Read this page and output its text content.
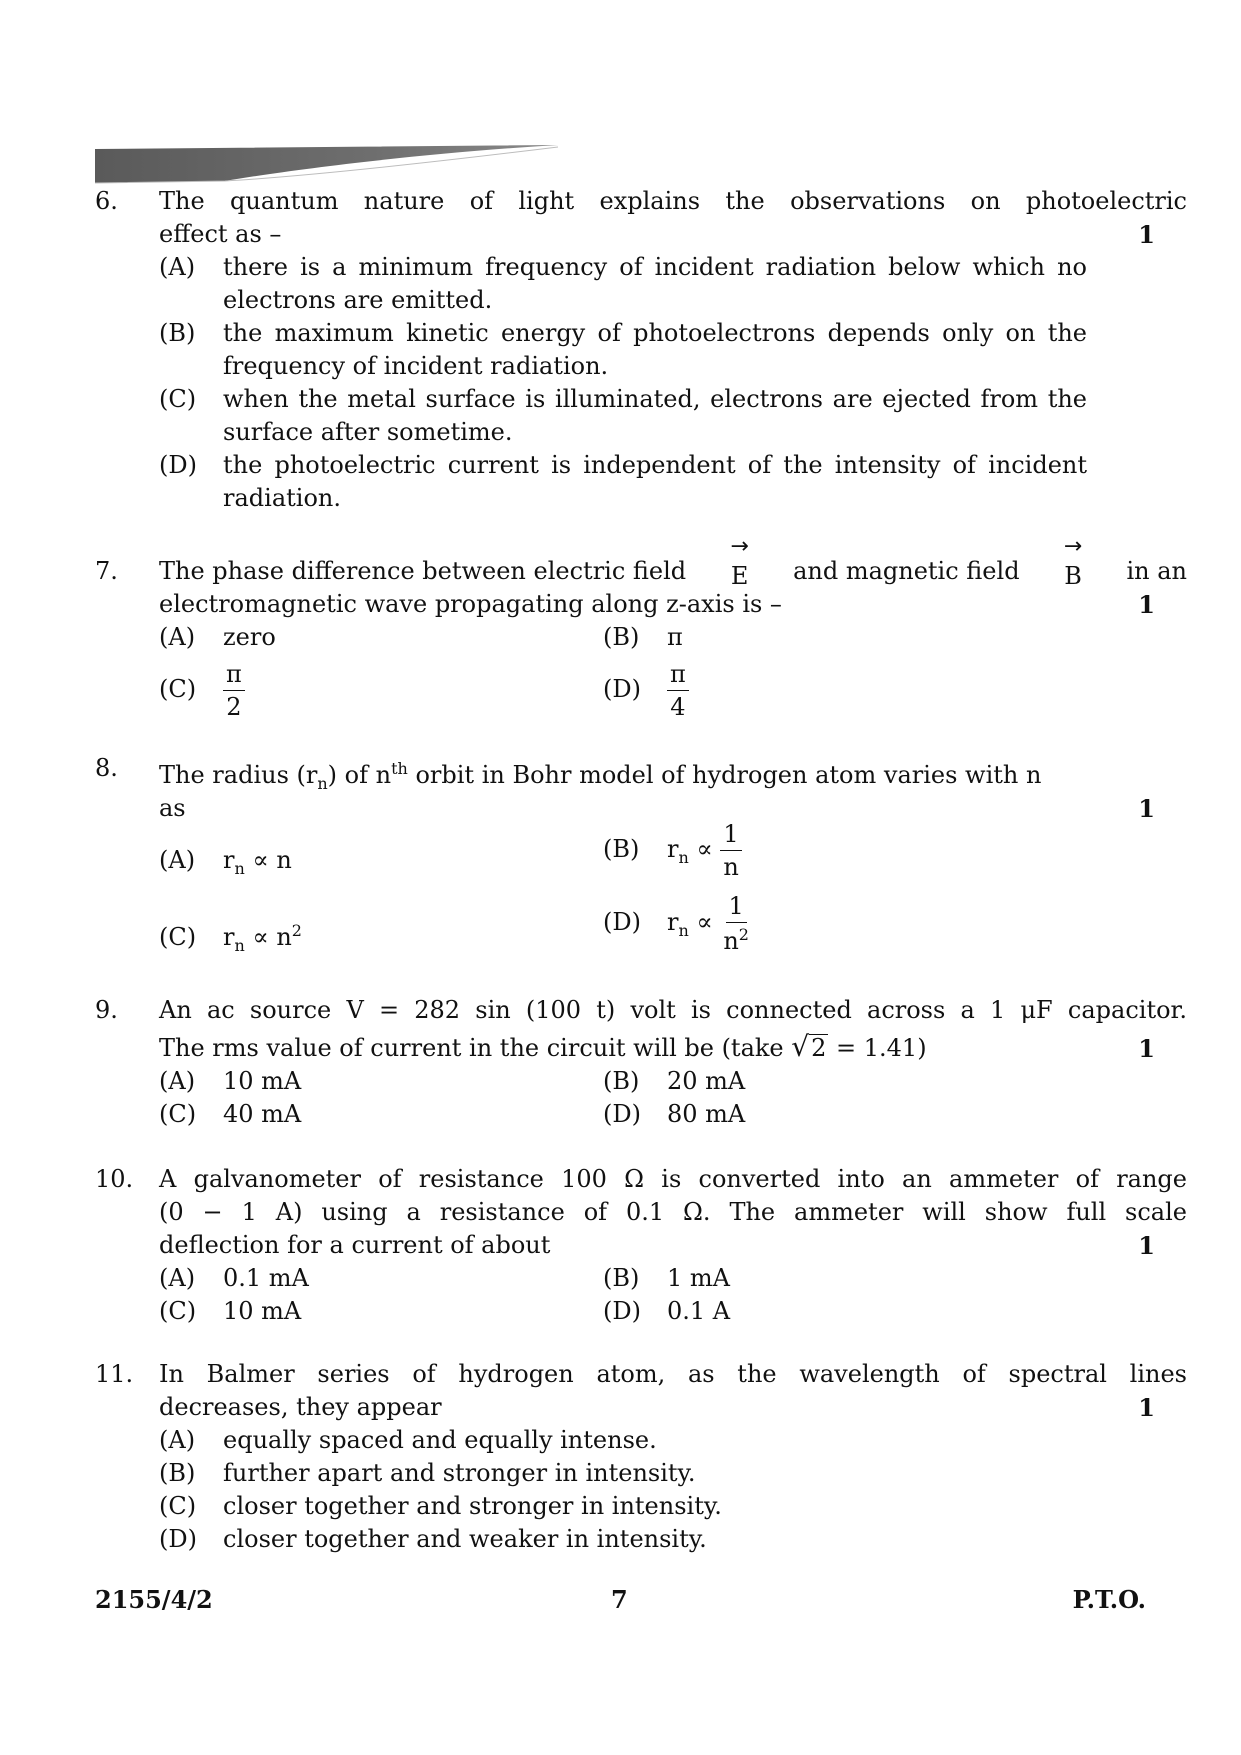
6. The quantum nature of light explains the observations on photoelectric
effect as –	1
(A) there is a minimum frequency of incident radiation below which no
electrons are emitted.
(B) the maximum kinetic energy of photoelectrons depends only on the
frequency of incident radiation.
(C) when the metal surface is illuminated, electrons are ejected from the
surface after sometime.
(D) the photoelectric current is independent of the intensity of incident
radiation.
7. The phase difference between electric field
→
E and magnetic field
→
B in an
electromagnetic wave propagating along z-axis is –	1
(A) zero	(B) π
$(C) \frac{\pi}{2}$	$(D) \frac{\pi}{4}$
8. The radius $(r_n)$ of $n^{th}$ orbit in Bohr model of hydrogen atom varies with n
as	1
(A) $r_n \propto n$	(B) $r_n \propto \frac{1}{n}$
(C) $r_n \propto n^2$	(D) $r_n \propto \frac{1}{n^2}$
9. An ac source V = 282 sin (100 t) volt is connected across a 1 μF capacitor.
The rms value of current in the circuit will be (take √ 2 = 1.41)	1
(A) 10 mA	(B) 20 mA
(C) 40 mA	(D) 80 mA
10. A galvanometer of resistance 100 Ω is converted into an ammeter of range
(0 − 1 A) using a resistance of 0.1 Ω. The ammeter will show full scale
deflection for a current of about	1
(A) 0.1 mA	(B) 1 mA
(C) 10 mA	(D) 0.1 A
11. In Balmer series of hydrogen atom, as the wavelength of spectral lines
decreases, they appear	1
(A) equally spaced and equally intense.
(B) further apart and stronger in intensity.
(C) closer together and stronger in intensity.
(D) closer together and weaker in intensity.
2155/4/2	7	P.T.O.
